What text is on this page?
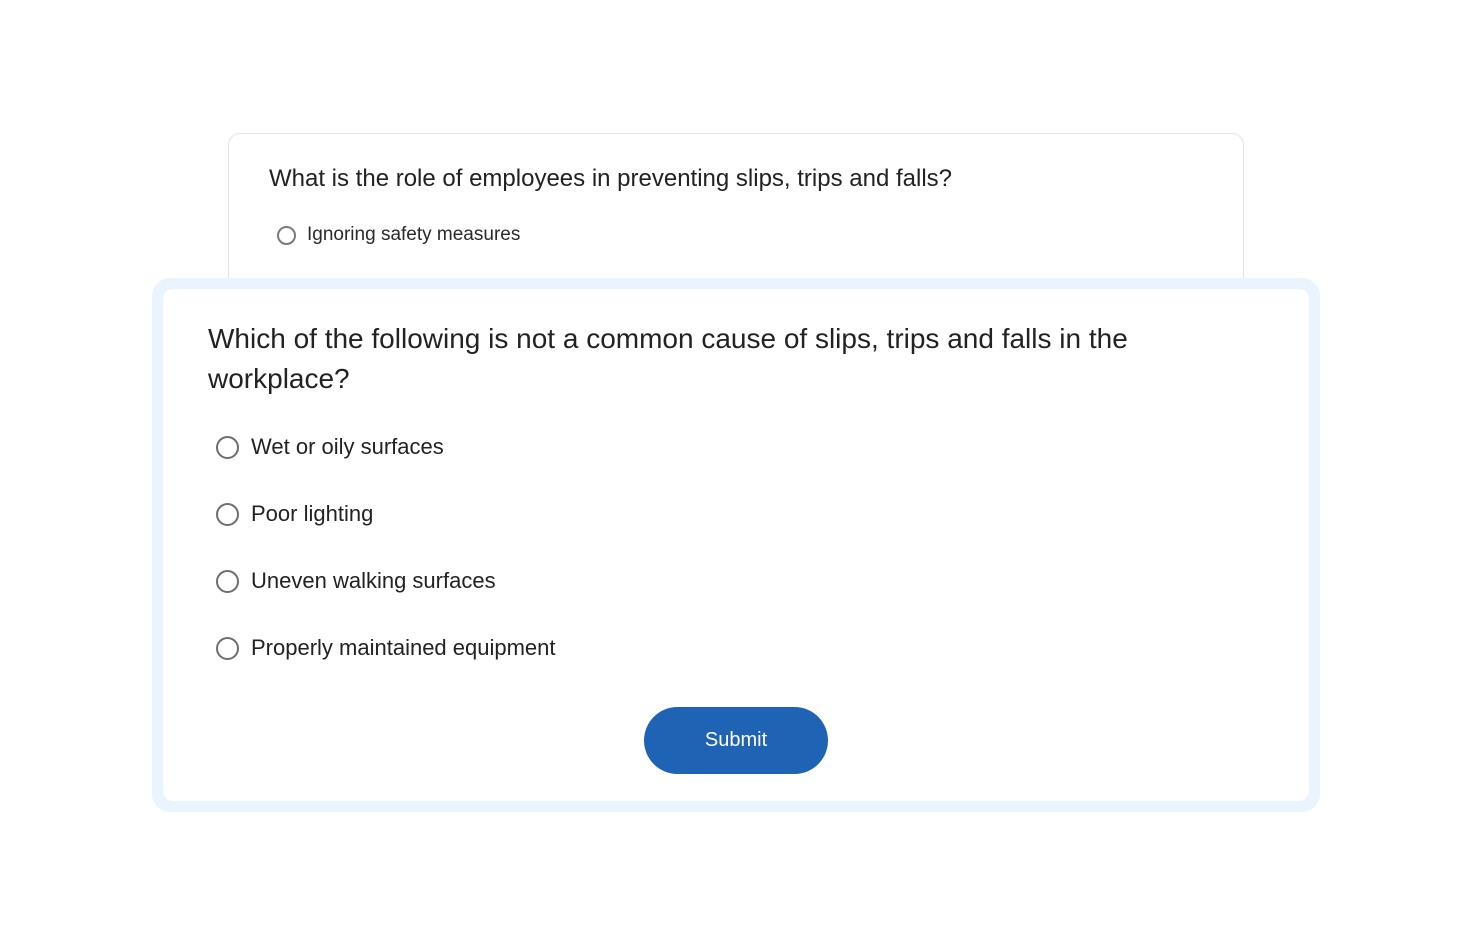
What is the role of employees in preventing slips, trips and falls?
Ignoring safety measures
Which of the following is not a common cause of slips, trips and falls in the workplace?
Wet or oily surfaces
Poor lighting
Uneven walking surfaces
Properly maintained equipment
Submit
